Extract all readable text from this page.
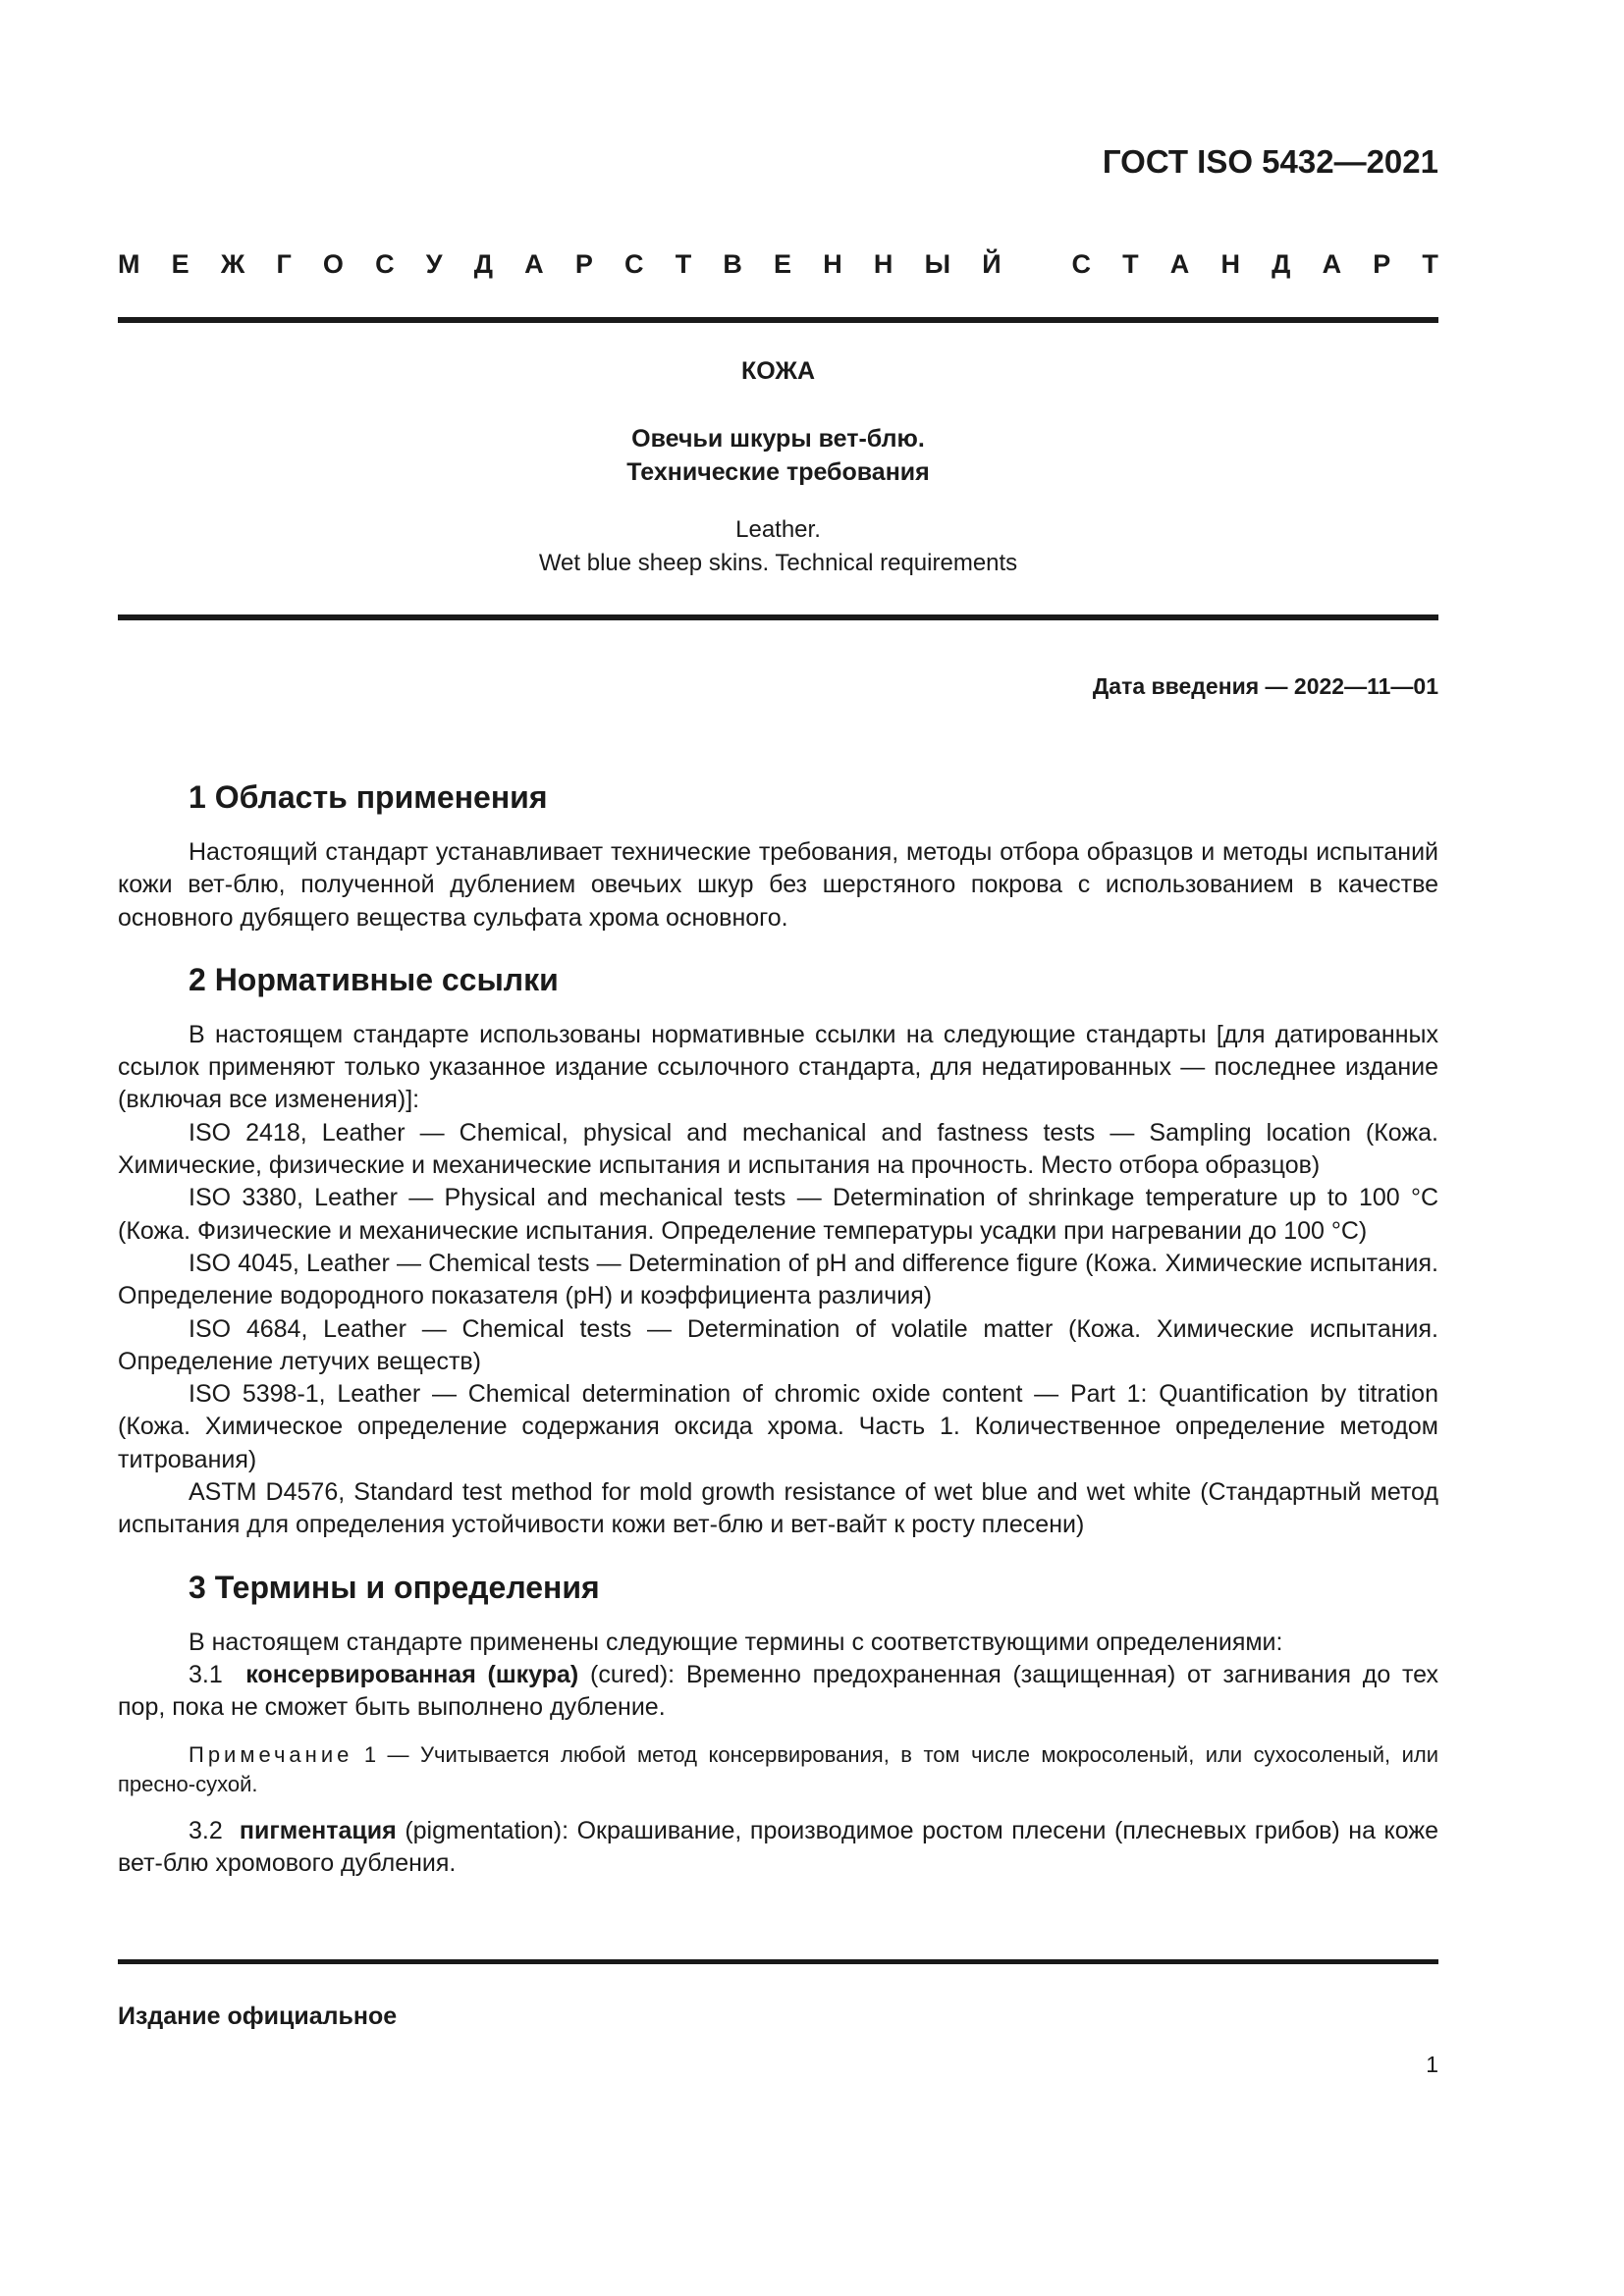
ГОСТ ISO 5432—2021

М Е Ж Г О С У Д А Р С Т В Е Н Н Ы Й
	С Т А Н Д А Р Т

КОЖА

Овечьи шкуры вет-блю.
Технические требования
Leather.
Wet blue sheep skins. Technical requirements

Дата введения — 2022—11—01

1 Область применения

Настоящий стандарт устанавливает технические требования, методы отбора образцов и методы испытаний кожи вет-блю, полученной дублением овечьих шкур без шерстяного покрова с использованием в качестве основного дубящего вещества сульфата хрома основного.

2 Нормативные ссылки

В настоящем стандарте использованы нормативные ссылки на следующие стандарты [для датированных ссылок применяют только указанное издание ссылочного стандарта, для недатированных — последнее издание (включая все изменения)]:

ISO 2418, Leather — Chemical, physical and mechanical and fastness tests — Sampling location (Кожа. Химические, физические и механические испытания и испытания на прочность. Место отбора образцов)

ISO 3380, Leather — Physical and mechanical tests — Determination of shrinkage temperature up to 100 °C (Кожа. Физические и механические испытания. Определение температуры усадки при нагревании до 100 °C)

ISO 4045, Leather — Chemical tests — Determination of pH and difference figure (Кожа. Химические испытания. Определение водородного показателя (pH) и коэффициента различия)

ISO 4684, Leather — Chemical tests — Determination of volatile matter (Кожа. Химические испытания. Определение летучих веществ)

ISO 5398-1, Leather — Chemical determination of chromic oxide content — Part 1: Quantification by titration (Кожа. Химическое определение содержания оксида хрома. Часть 1. Количественное определение методом титрования)

ASTM D4576, Standard test method for mold growth resistance of wet blue and wet white (Стандартный метод испытания для определения устойчивости кожи вет-блю и вет-вайт к росту плесени)

3 Термины и определения

В настоящем стандарте применены следующие термины с соответствующими определениями:

3.1 консервированная (шкура) (cured): Временно предохраненная (защищенная) от загнивания до тех пор, пока не сможет быть выполнено дубление.

Примечание 1 — Учитывается любой метод консервирования, в том числе мокросоленый, или сухосоленый, или пресно-сухой.

3.2 пигментация (pigmentation): Окрашивание, производимое ростом плесени (плесневых грибов) на коже вет-блю хромового дубления.

Издание официальное

1
